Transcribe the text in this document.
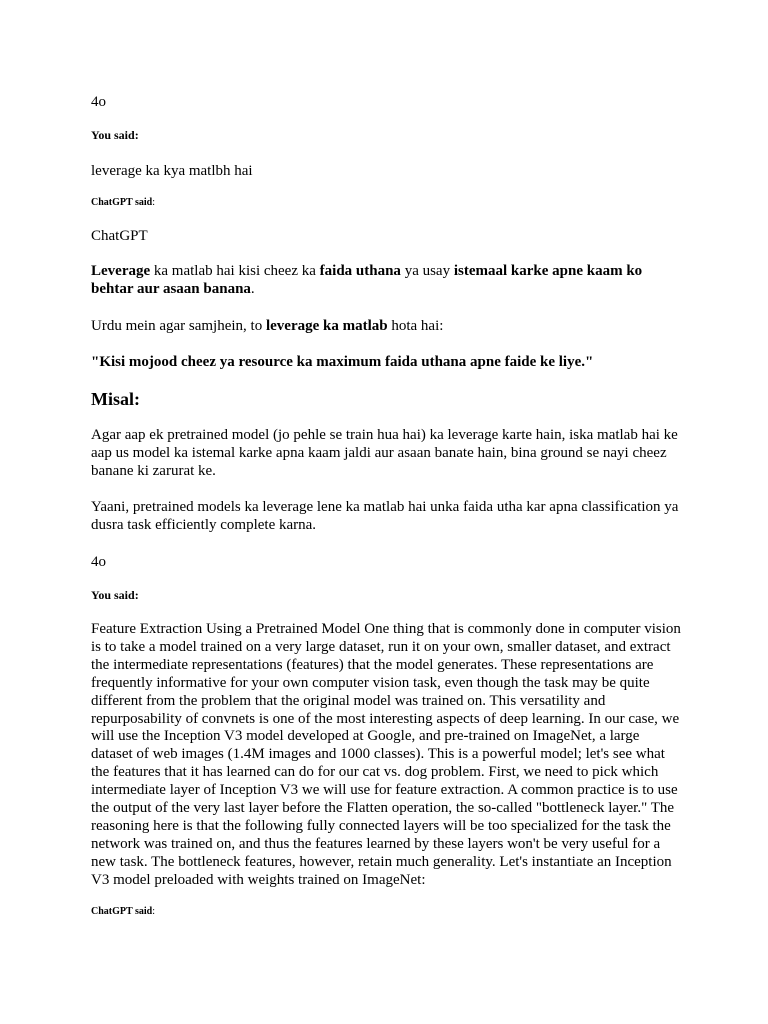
4o
You said:
leverage ka kya matlbh hai
ChatGPT said:
ChatGPT
Leverage ka matlab hai kisi cheez ka faida uthana ya usay istemaal karke apne kaam ko behtar aur asaan banana.
Urdu mein agar samjhein, to leverage ka matlab hota hai:
"Kisi mojood cheez ya resource ka maximum faida uthana apne faide ke liye."
Misal:
Agar aap ek pretrained model (jo pehle se train hua hai) ka leverage karte hain, iska matlab hai ke aap us model ka istemal karke apna kaam jaldi aur asaan banate hain, bina ground se nayi cheez banane ki zarurat ke.
Yaani, pretrained models ka leverage lene ka matlab hai unka faida utha kar apna classification ya dusra task efficiently complete karna.
4o
You said:
Feature Extraction Using a Pretrained Model One thing that is commonly done in computer vision is to take a model trained on a very large dataset, run it on your own, smaller dataset, and extract the intermediate representations (features) that the model generates. These representations are frequently informative for your own computer vision task, even though the task may be quite different from the problem that the original model was trained on. This versatility and repurposability of convnets is one of the most interesting aspects of deep learning. In our case, we will use the Inception V3 model developed at Google, and pre-trained on ImageNet, a large dataset of web images (1.4M images and 1000 classes). This is a powerful model; let's see what the features that it has learned can do for our cat vs. dog problem. First, we need to pick which intermediate layer of Inception V3 we will use for feature extraction. A common practice is to use the output of the very last layer before the Flatten operation, the so-called "bottleneck layer." The reasoning here is that the following fully connected layers will be too specialized for the task the network was trained on, and thus the features learned by these layers won't be very useful for a new task. The bottleneck features, however, retain much generality. Let's instantiate an Inception V3 model preloaded with weights trained on ImageNet:
ChatGPT said:
